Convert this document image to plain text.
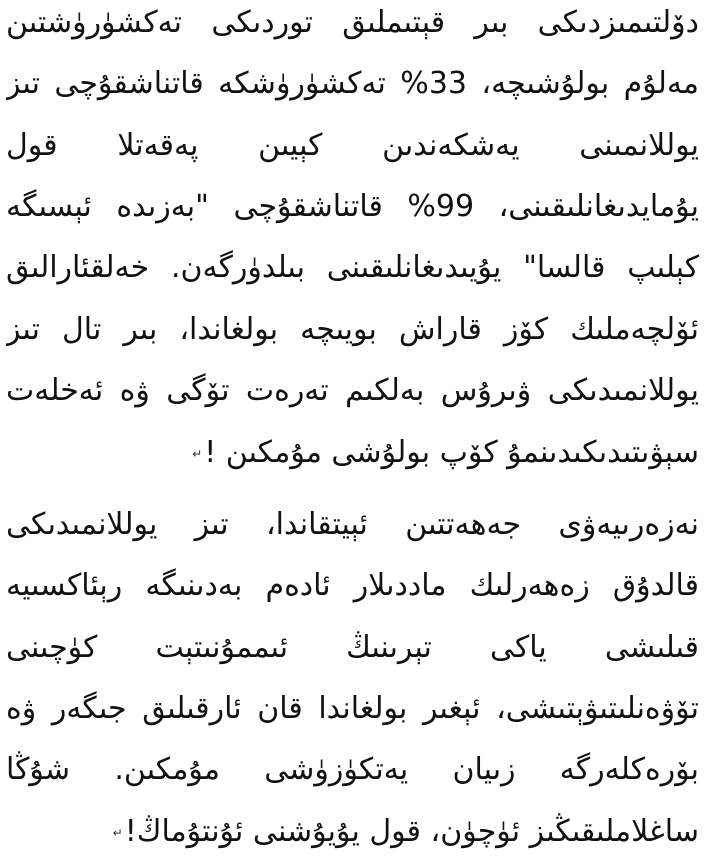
دۆلتىمىزدىكى بىر قېتىملىق توردىكى تەكشۈرۈشتىن
مەلۇم بولۇشىچە، 33% تەكشۈرۈشكە قاتناشقۇچى تىز
يوللانمىنى يەشكەندىن كېيىن پەقەتلا قول
يۇمايدىغانلىقىنى، 99% قاتناشقۇچى "بەزىدە ئېسىگە
كېلىپ قالسا" يۇيىدىغانلىقىنى بىلدۈرگەن. خەلقئارالىق
ئۆلچەملىك كۆز قاراش بويىچە بولغاندا، بىر تال تىز
يوللانمىدىكى ۋىرۇس بەلكىم تەرەت تۆگى ۋە ئەخلەت
سېۋىتىدىكىدىنمۇ كۆپ بولۇشى مۇمكىن !↵
نەزەرىيەۋى جەھەتتىن ئېيتقاندا، تىز يوللانمىدىكى
قالدۇق زەھەرلىك ماددىلار ئادەم بەدىنىگە رېئاكسىيە
قىلىشى ياكى تېرىنىڭ ئىممۇنىتېت كۈچىنى
تۆۋەنلىتىۋېتىشى، ئېغىر بولغاندا قان ئارقىلىق جىگەر ۋە
بۆرەكلەرگە زىيان يەتكۈزۈشى مۇمكىن. شۇڭا
ساغلاملىقىڭىز ئۈچۈن، قول يۇيۇشنى ئۇنتۇماڭ!↵
